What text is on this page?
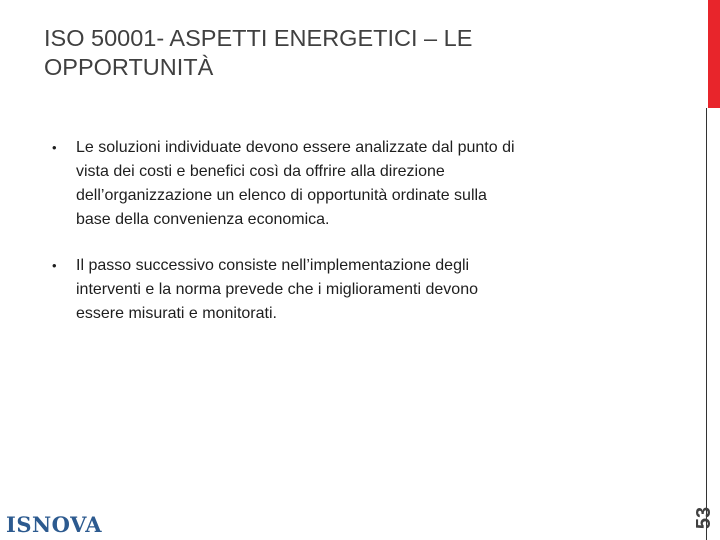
ISO 50001- ASPETTI ENERGETICI – LE
OPPORTUNITÀ
• Le soluzioni individuate devono essere analizzate dal punto di
vista dei costi e benefici così da offrire alla direzione
dell’organizzazione un elenco di opportunità ordinate sulla
base della convenienza economica.
• Il passo successivo consiste nell’implementazione degli
interventi e la norma prevede che i miglioramenti devono
essere misurati e monitorati.
53
ISNOVA
